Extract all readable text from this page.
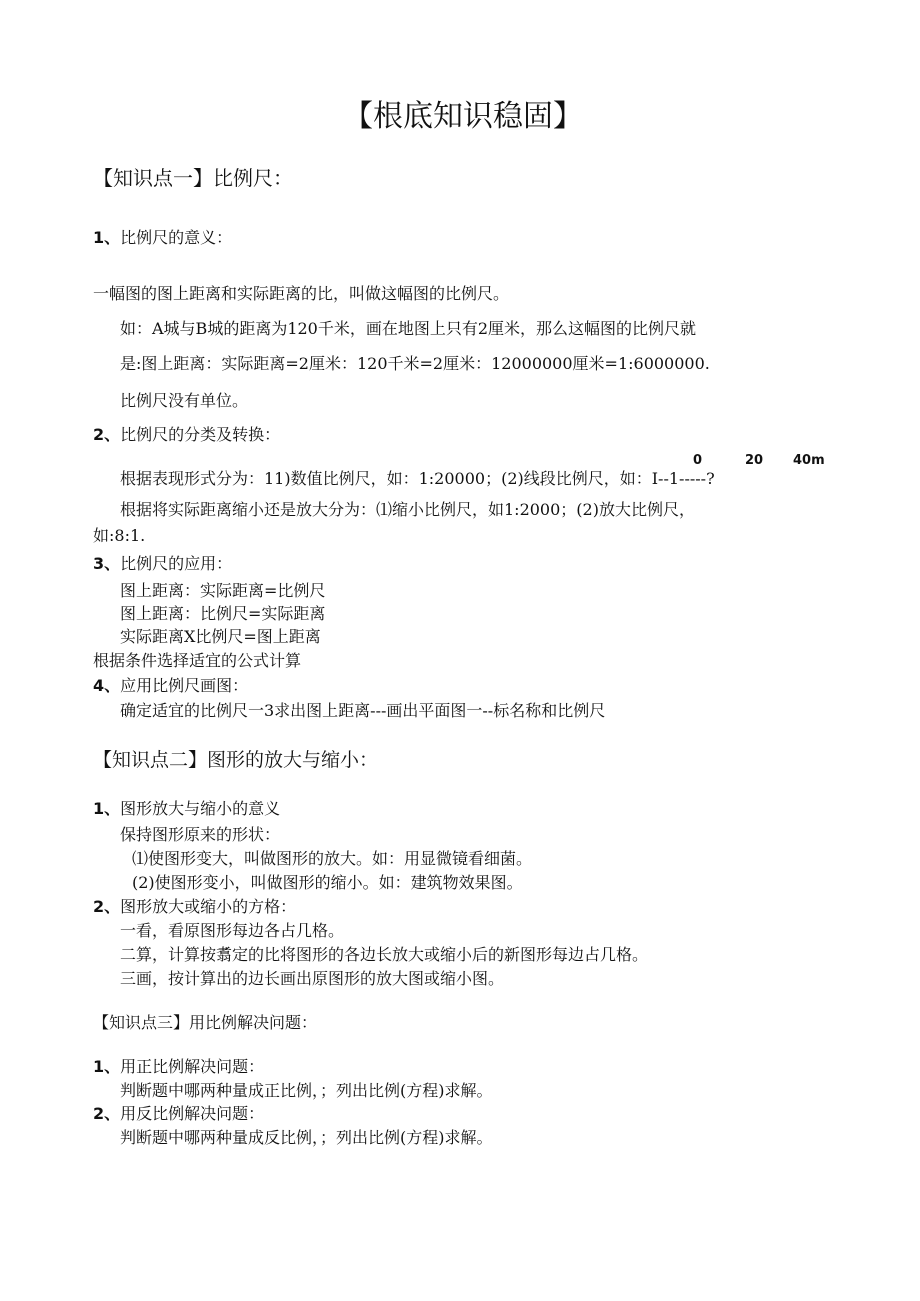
【根底知识稳固】
【知识点一】比例尺：
1、比例尺的意义：
一幅图的图上距离和实际距离的比，叫做这幅图的比例尺。
如：A城与B城的距离为120千米，画在地图上只有2厘米，那么这幅图的比例尺就
是:图上距离：实际距离=2厘米：120千米=2厘米：12000000厘米=1:6000000.
比例尺没有单位。
2、比例尺的分类及转换：
0	20 40m
根据表现形式分为：11)数值比例尺，如：1:20000；(2)线段比例尺，如：I--1-----?
根据将实际距离缩小还是放大分为：⑴缩小比例尺，如1:2000；(2)放大比例尺，
如:8:1.
3、比例尺的应用：
图上距离：实际距离=比例尺
图上距离：比例尺=实际距离
实际距离X比例尺=图上距离
根据条件选择适宜的公式计算
4、应用比例尺画图：
确定适宜的比例尺一3求出图上距离---画出平面图一--标名称和比例尺
【知识点二】图形的放大与缩小：
1、图形放大与缩小的意义
保持图形原来的形状：
⑴使图形变大，叫做图形的放大。如：用显微镜看细菌。
(2)使图形变小，叫做图形的缩小。如：建筑物效果图。
2、图形放大或缩小的方格：
一看，看原图形每边各占几格。
二算，计算按翥定的比将图形的各边长放大或缩小后的新图形每边占几格。
三画，按计算出的边长画出原图形的放大图或缩小图。
【知识点三】用比例解决问题：
1、用正比例解决问题：
判断题中哪两种量成正比例，；列出比例(方程)求解。
2、用反比例解决问题：
判断题中哪两种量成反比例，；列出比例(方程)求解。
